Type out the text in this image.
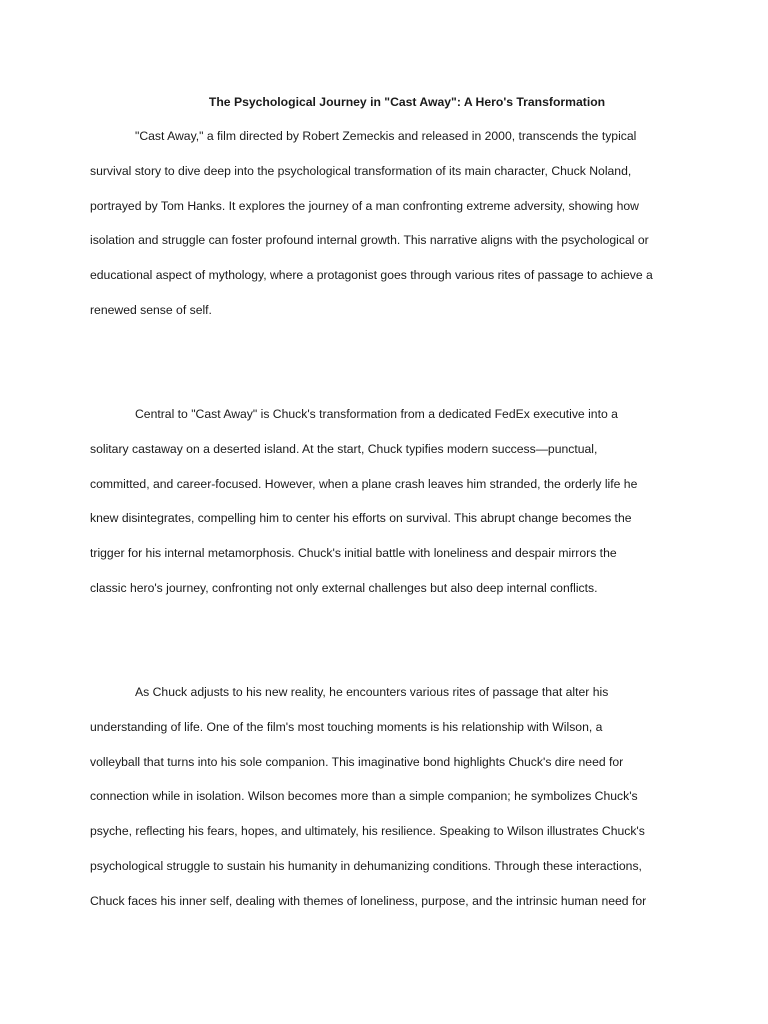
The Psychological Journey in "Cast Away": A Hero's Transformation

"Cast Away," a film directed by Robert Zemeckis and released in 2000, transcends the typical
survival story to dive deep into the psychological transformation of its main character, Chuck Noland,
portrayed by Tom Hanks. It explores the journey of a man confronting extreme adversity, showing how
isolation and struggle can foster profound internal growth. This narrative aligns with the psychological or
educational aspect of mythology, where a protagonist goes through various rites of passage to achieve a
renewed sense of self.

Central to "Cast Away" is Chuck's transformation from a dedicated FedEx executive into a
solitary castaway on a deserted island. At the start, Chuck typifies modern success—punctual,
committed, and career-focused. However, when a plane crash leaves him stranded, the orderly life he
knew disintegrates, compelling him to center his efforts on survival. This abrupt change becomes the
trigger for his internal metamorphosis. Chuck's initial battle with loneliness and despair mirrors the
classic hero's journey, confronting not only external challenges but also deep internal conflicts.

As Chuck adjusts to his new reality, he encounters various rites of passage that alter his
understanding of life. One of the film's most touching moments is his relationship with Wilson, a
volleyball that turns into his sole companion. This imaginative bond highlights Chuck's dire need for
connection while in isolation. Wilson becomes more than a simple companion; he symbolizes Chuck's
psyche, reflecting his fears, hopes, and ultimately, his resilience. Speaking to Wilson illustrates Chuck's
psychological struggle to sustain his humanity in dehumanizing conditions. Through these interactions,
Chuck faces his inner self, dealing with themes of loneliness, purpose, and the intrinsic human need for
